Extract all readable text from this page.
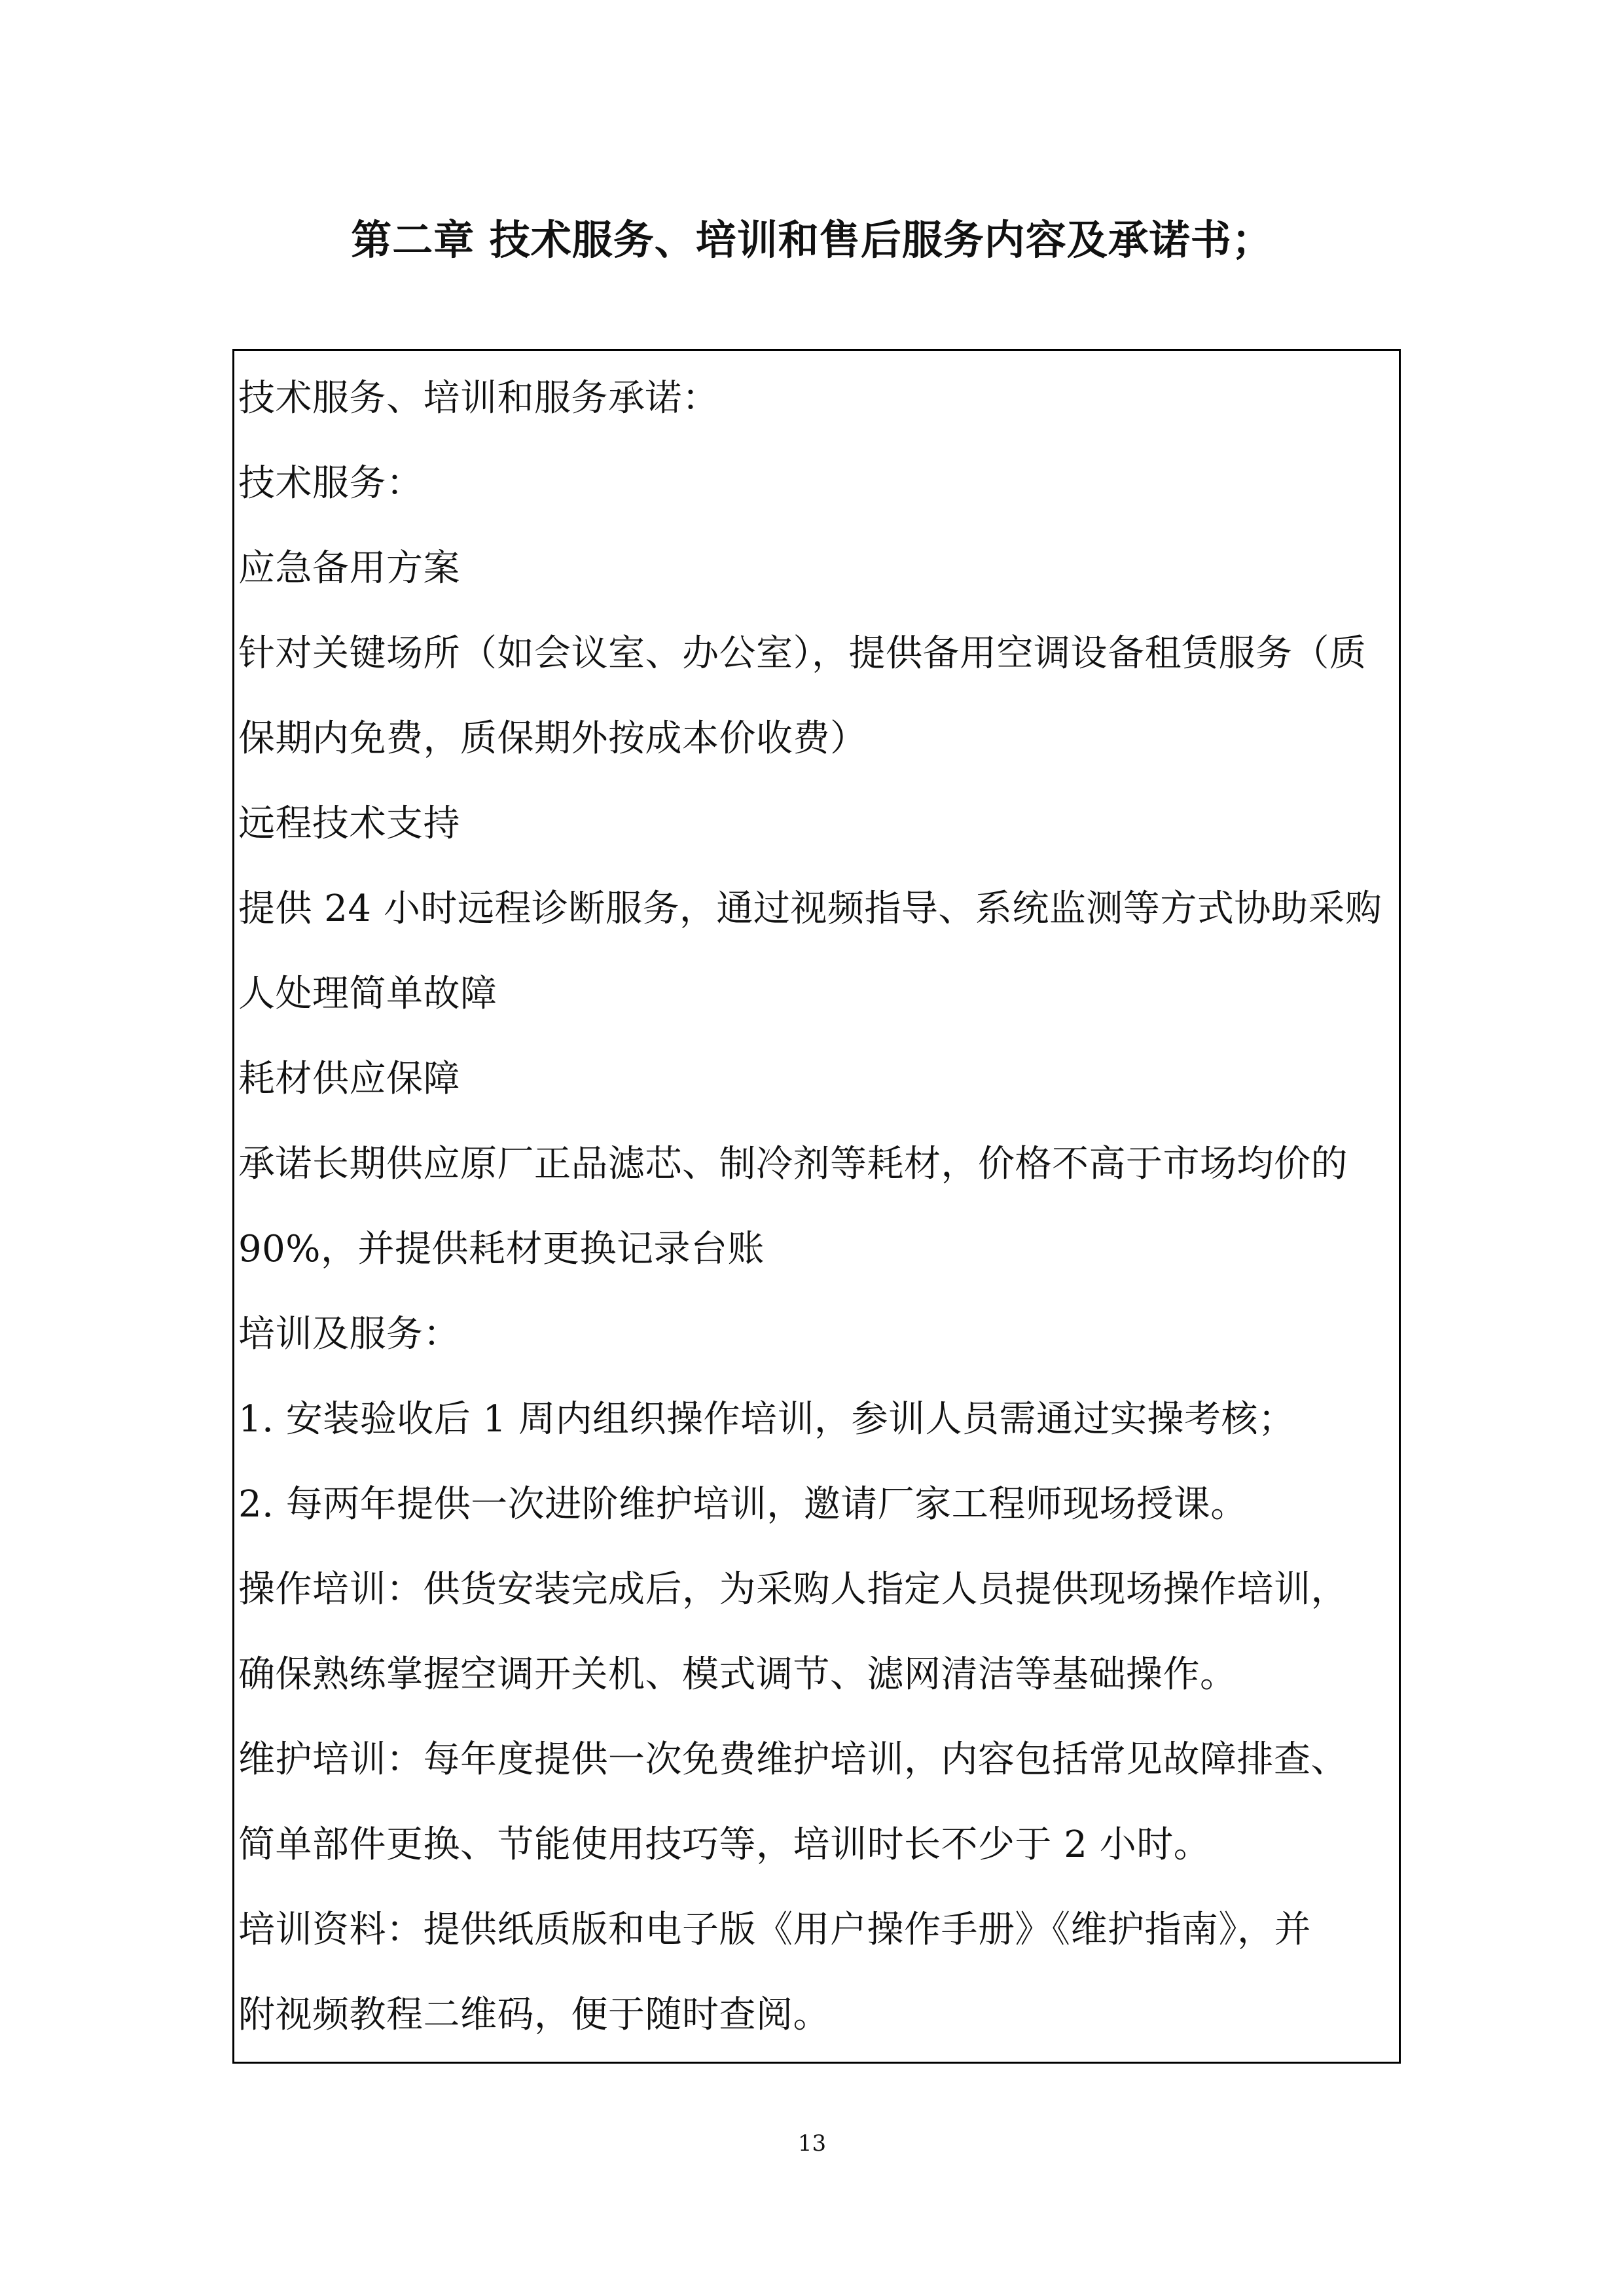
第二章 技术服务、培训和售后服务内容及承诺书；

技术服务、培训和服务承诺：

技术服务：

应急备用方案

针对关键场所（如会议室、办公室），提供备用空调设备租赁服务（质

保期内免费，质保期外按成本价收费）

远程技术支持

提供 24 小时远程诊断服务，通过视频指导、系统监测等方式协助采购

人处理简单故障

耗材供应保障

承诺长期供应原厂正品滤芯、制冷剂等耗材，价格不高于市场均价的

90%，并提供耗材更换记录台账

培训及服务：

1. 安装验收后 1 周内组织操作培训，参训人员需通过实操考核；

2. 每两年提供一次进阶维护培训，邀请厂家工程师现场授课。

操作培训：供货安装完成后，为采购人指定人员提供现场操作培训，

确保熟练掌握空调开关机、模式调节、滤网清洁等基础操作。

维护培训：每年度提供一次免费维护培训，内容包括常见故障排查、

简单部件更换、节能使用技巧等，培训时长不少于 2 小时。

培训资料：提供纸质版和电子版《用户操作手册》《维护指南》，并

附视频教程二维码，便于随时查阅。

13
